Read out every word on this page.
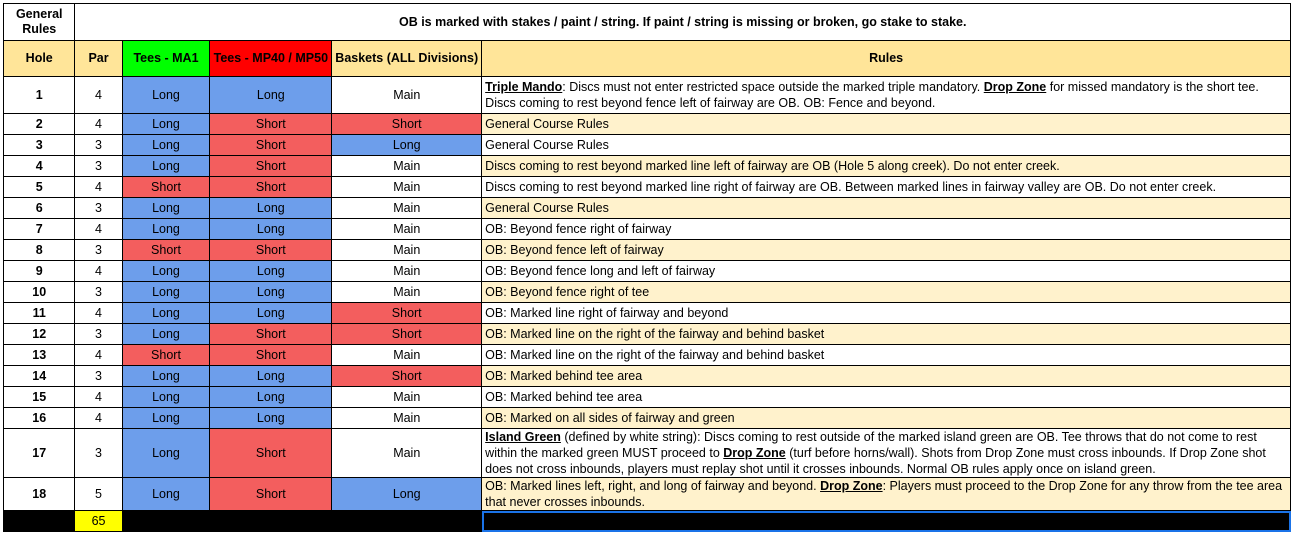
General Rules	OB is marked with stakes / paint / string. If paint / string is missing or broken, go stake to stake.				
Hole	Par	Tees - MA1	Tees - MP40 / MP50	Baskets (ALL Divisions)	Rules
1	4	Long	Long	Main	Triple Mando: Discs must not enter restricted space outside the marked triple mandatory. Drop Zone for missed mandatory is the short tee. Discs coming to rest beyond fence left of fairway are OB. OB: Fence and beyond.
2	4	Long	Short	Short	General Course Rules
3	3	Long	Short	Long	General Course Rules
4	3	Long	Short	Main	Discs coming to rest beyond marked line left of fairway are OB (Hole 5 along creek). Do not enter creek.
5	4	Short	Short	Main	Discs coming to rest beyond marked line right of fairway are OB. Between marked lines in fairway valley are OB. Do not enter creek.
6	3	Long	Long	Main	General Course Rules
7	4	Long	Long	Main	OB: Beyond fence right of fairway
8	3	Short	Short	Main	OB: Beyond fence left of fairway
9	4	Long	Long	Main	OB: Beyond fence long and left of fairway
10	3	Long	Long	Main	OB: Beyond fence right of tee
11	4	Long	Long	Short	OB: Marked line right of fairway and beyond
12	3	Long	Short	Short	OB: Marked line on the right of the fairway and behind basket
13	4	Short	Short	Main	OB: Marked line on the right of the fairway and behind basket
14	3	Long	Long	Short	OB: Marked behind tee area
15	4	Long	Long	Main	OB: Marked behind tee area
16	4	Long	Long	Main	OB: Marked on all sides of fairway and green
17	3	Long	Short	Main	Island Green (defined by white string): Discs coming to rest outside of the marked island green are OB. Tee throws that do not come to rest within the marked green MUST proceed to Drop Zone (turf before horns/wall). Shots from Drop Zone must cross inbounds. If Drop Zone shot does not cross inbounds, players must replay shot until it crosses inbounds. Normal OB rules apply once on island green.
18	5	Long	Short	Long	OB: Marked lines left, right, and long of fairway and beyond. Drop Zone: Players must proceed to the Drop Zone for any throw from the tee area that never crosses inbounds.
	65				
